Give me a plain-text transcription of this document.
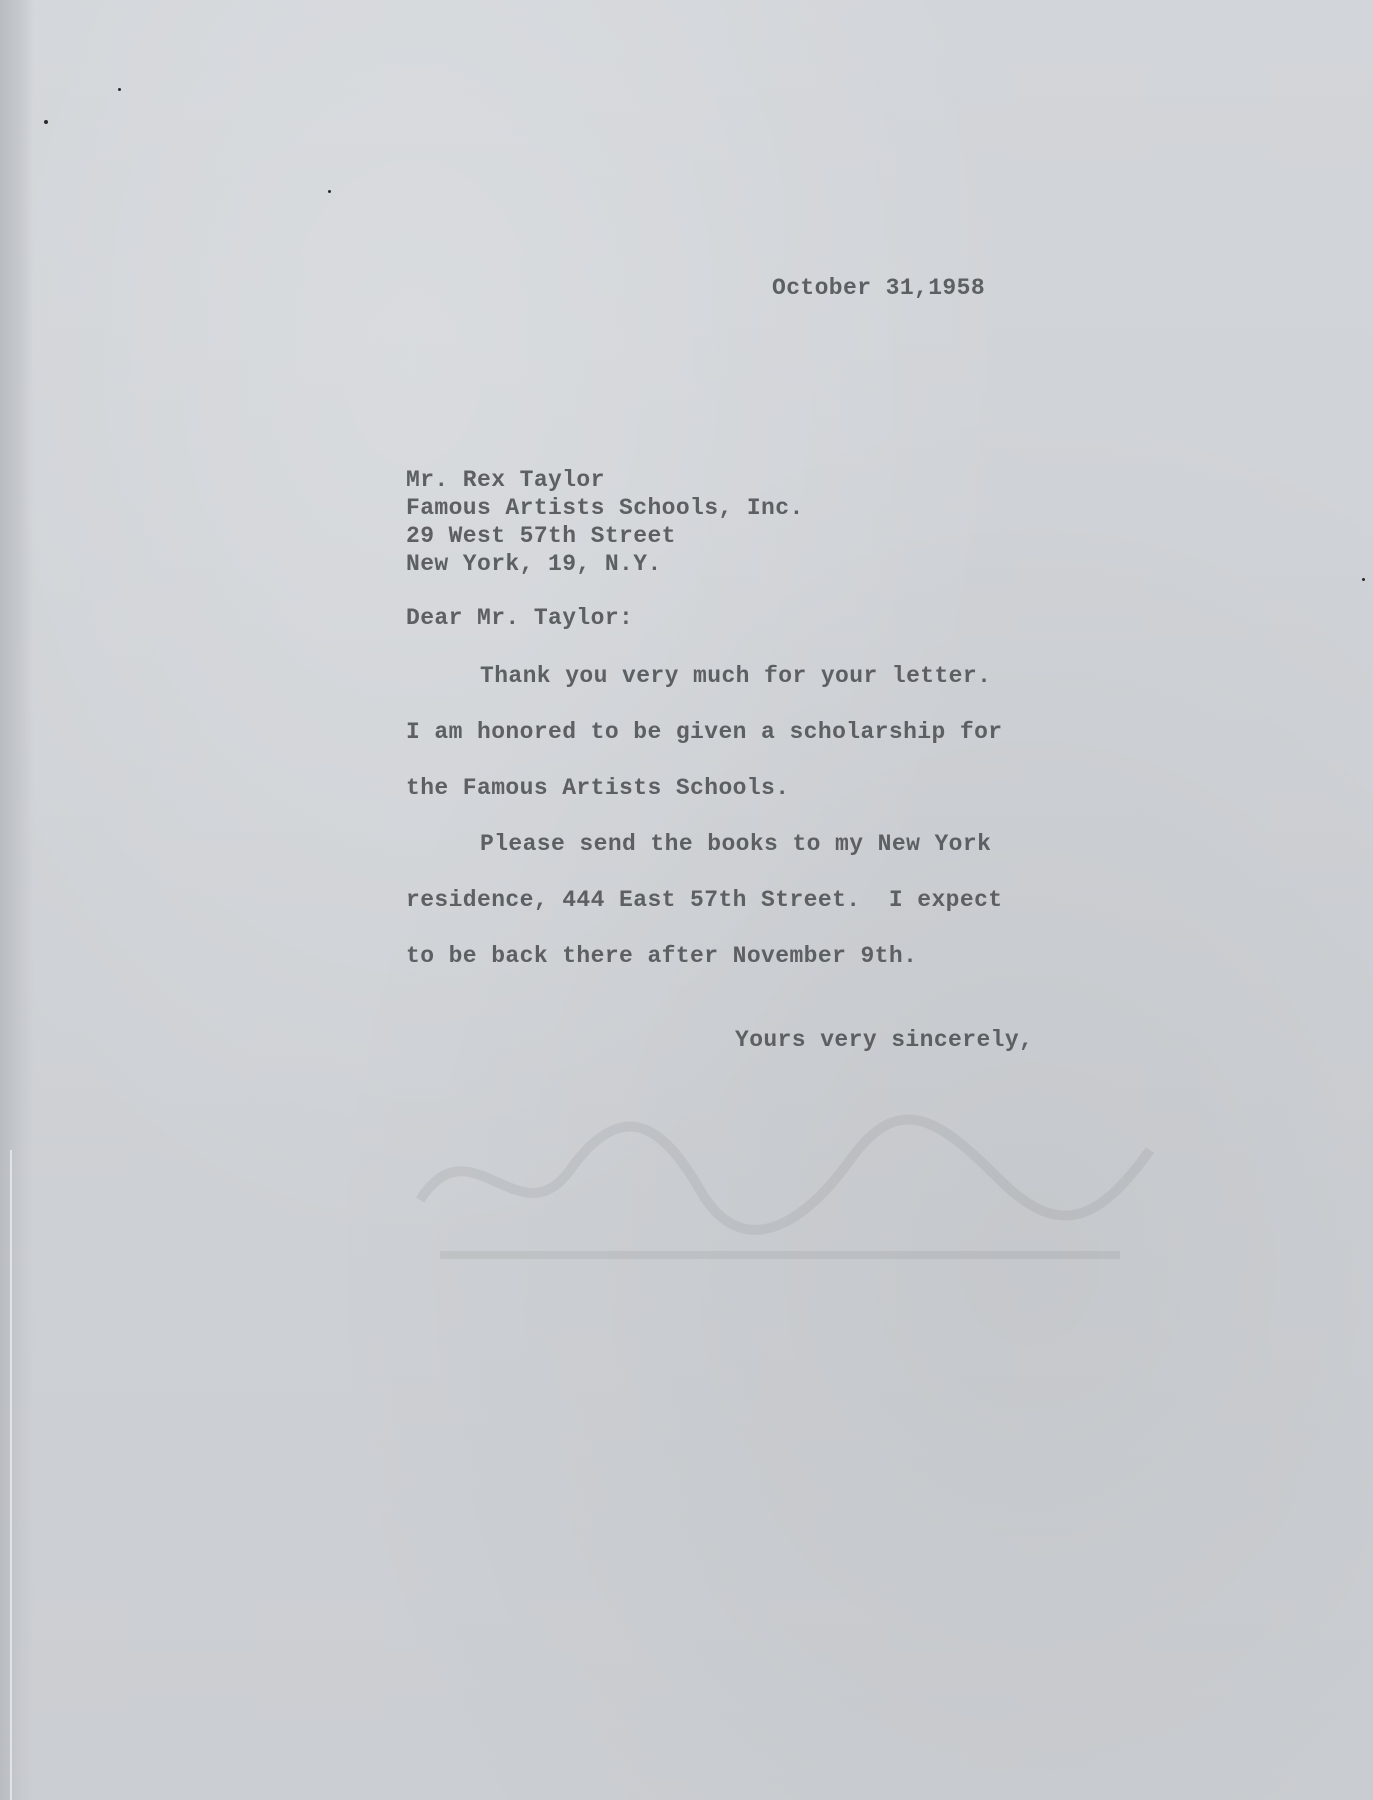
October 31,1958
Mr. Rex Taylor
Famous Artists Schools, Inc.
29 West 57th Street
New York, 19, N.Y.
Dear Mr. Taylor:
Thank you very much for your letter.
I am honored to be given a scholarship for
the Famous Artists Schools.
Please send the books to my New York
residence, 444 East 57th Street.  I expect
to be back there after November 9th.
Yours very sincerely,
